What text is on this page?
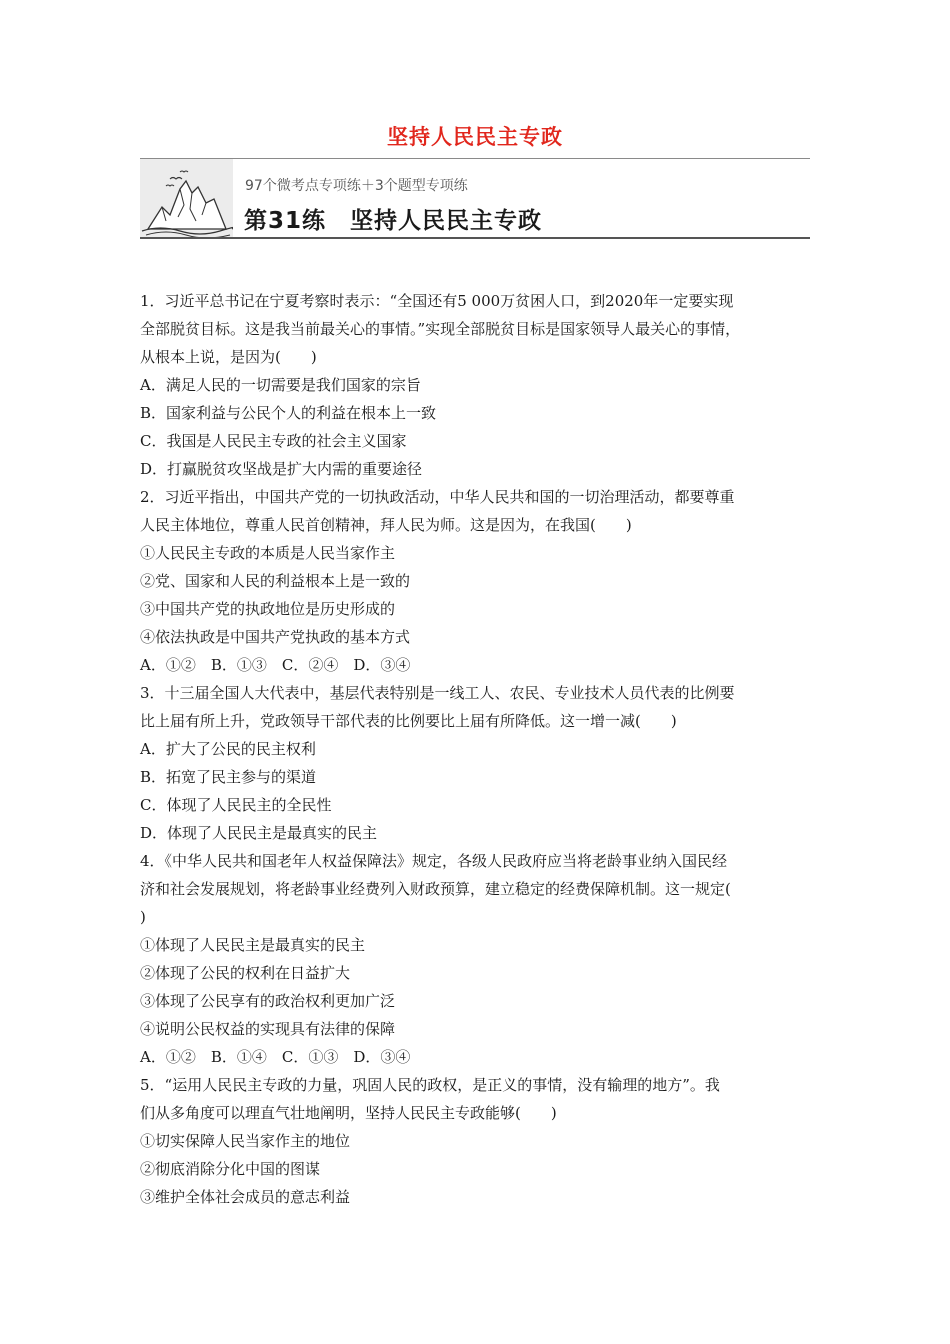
坚持人民民主专政
97个微考点专项练＋3个题型专项练
第31练　坚持人民民主专政
1．习近平总书记在宁夏考察时表示：“全国还有5 000万贫困人口，到2020年一定要实现
全部脱贫目标。这是我当前最关心的事情。”实现全部脱贫目标是国家领导人最关心的事情，
从根本上说，是因为(　　)
A．满足人民的一切需要是我们国家的宗旨
B．国家利益与公民个人的利益在根本上一致
C．我国是人民民主专政的社会主义国家
D．打赢脱贫攻坚战是扩大内需的重要途径
2．习近平指出，中国共产党的一切执政活动，中华人民共和国的一切治理活动，都要尊重
人民主体地位，尊重人民首创精神，拜人民为师。这是因为，在我国(　　)
①人民民主专政的本质是人民当家作主
②党、国家和人民的利益根本上是一致的
③中国共产党的执政地位是历史形成的
④依法执政是中国共产党执政的基本方式
A．①②　B．①③　C．②④　D．③④
3．十三届全国人大代表中，基层代表特别是一线工人、农民、专业技术人员代表的比例要
比上届有所上升，党政领导干部代表的比例要比上届有所降低。这一增一减(　　)
A．扩大了公民的民主权利
B．拓宽了民主参与的渠道
C．体现了人民民主的全民性
D．体现了人民民主是最真实的民主
4．《中华人民共和国老年人权益保障法》规定，各级人民政府应当将老龄事业纳入国民经
济和社会发展规划，将老龄事业经费列入财政预算，建立稳定的经费保障机制。这一规定(
)
①体现了人民民主是最真实的民主
②体现了公民的权利在日益扩大
③体现了公民享有的政治权利更加广泛
④说明公民权益的实现具有法律的保障
A．①②　B．①④　C．①③　D．③④
5．“运用人民民主专政的力量，巩固人民的政权，是正义的事情，没有输理的地方”。我
们从多角度可以理直气壮地阐明，坚持人民民主专政能够(　　)
①切实保障人民当家作主的地位
②彻底消除分化中国的图谋
③维护全体社会成员的意志利益
